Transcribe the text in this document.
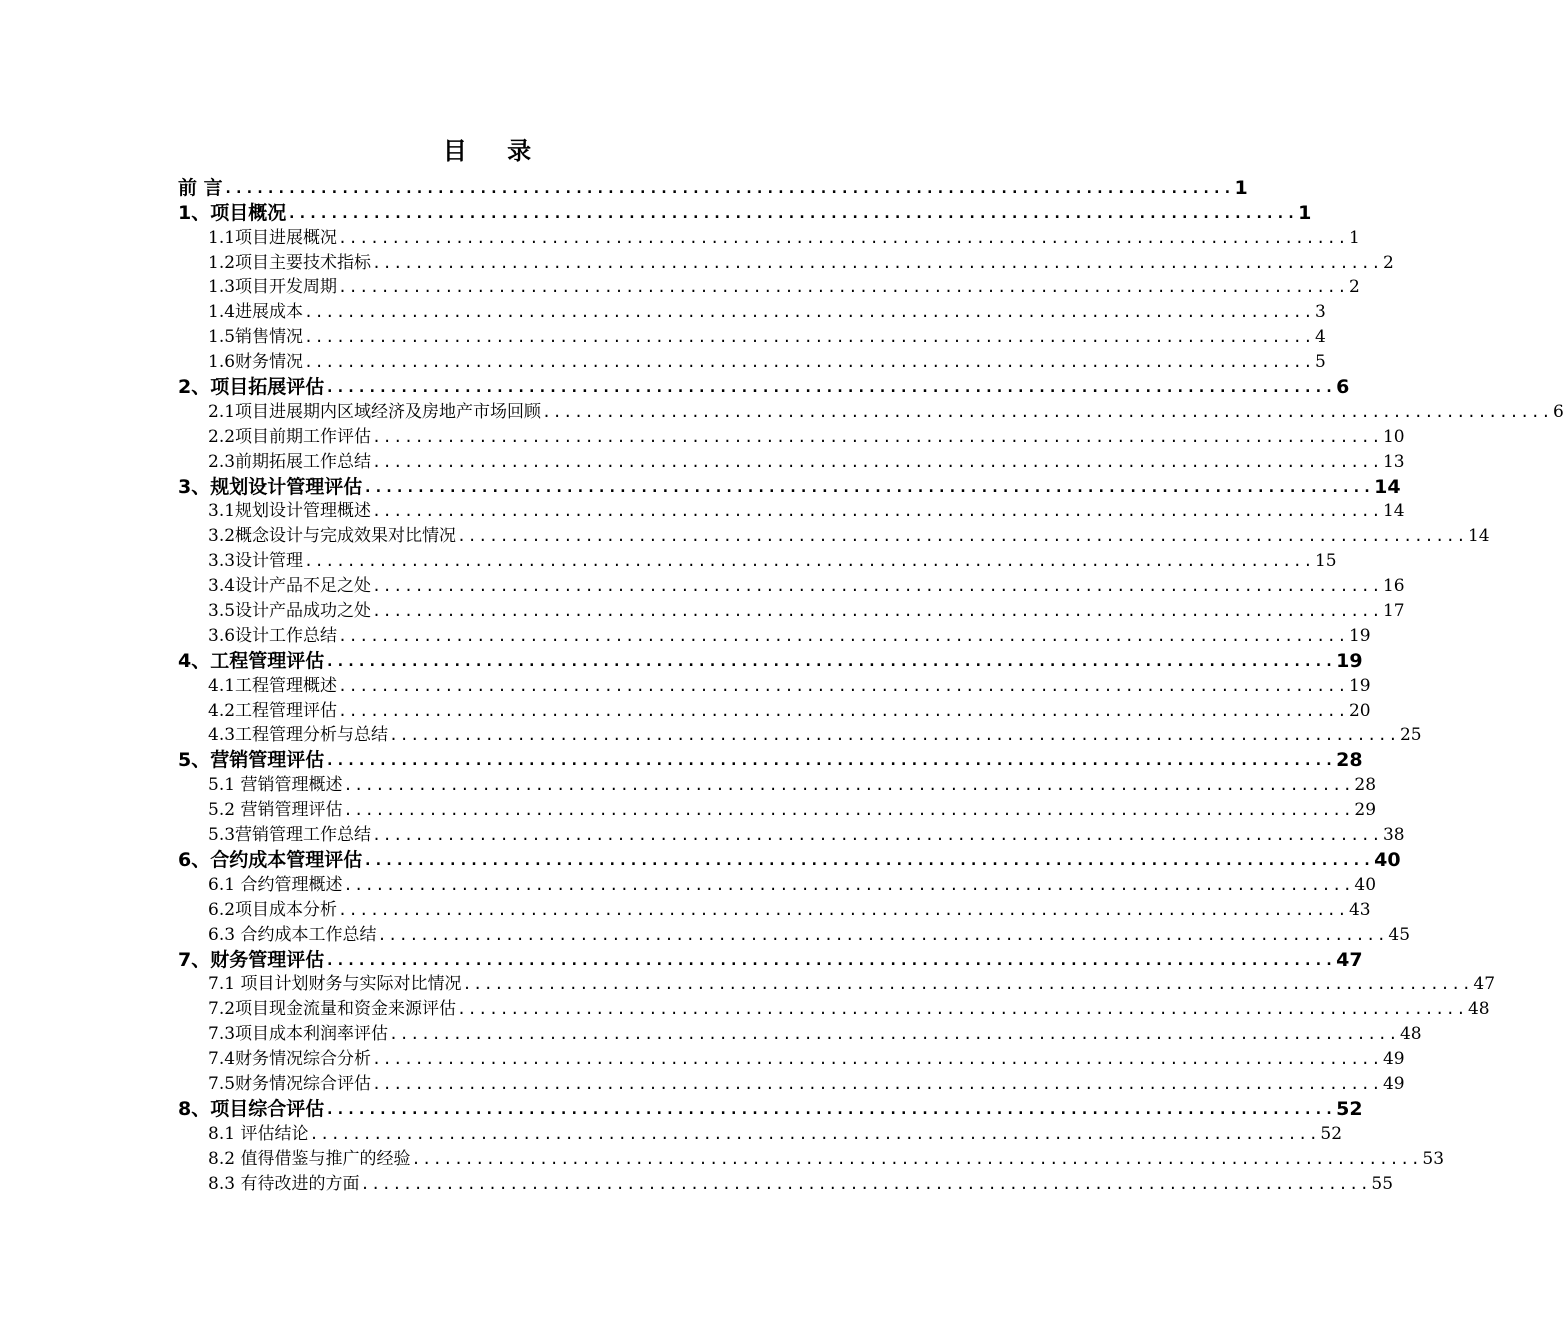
目 录
前 言 ............................................................................................... 1
1、项目概况 ............................................................................................... 1
1.1项目进展概况 ............................................................................................... 1
1.2项目主要技术指标 ............................................................................................... 2
1.3项目开发周期 ............................................................................................... 2
1.4进展成本 ............................................................................................... 3
1.5销售情况 ............................................................................................... 4
1.6财务情况 ............................................................................................... 5
2、项目拓展评估 ............................................................................................... 6
2.1项目进展期内区域经济及房地产市场回顾 ............................................................................................... 6
2.2项目前期工作评估 ............................................................................................... 10
2.3前期拓展工作总结 ............................................................................................... 13
3、规划设计管理评估 ............................................................................................... 14
3.1规划设计管理概述 ............................................................................................... 14
3.2概念设计与完成效果对比情况 ............................................................................................... 14
3.3设计管理 ............................................................................................... 15
3.4设计产品不足之处 ............................................................................................... 16
3.5设计产品成功之处 ............................................................................................... 17
3.6设计工作总结 ............................................................................................... 19
4、工程管理评估 ............................................................................................... 19
4.1工程管理概述 ............................................................................................... 19
4.2工程管理评估 ............................................................................................... 20
4.3工程管理分析与总结 ............................................................................................... 25
5、营销管理评估 ............................................................................................... 28
5.1 营销管理概述 ............................................................................................... 28
5.2 营销管理评估 ............................................................................................... 29
5.3营销管理工作总结 ............................................................................................... 38
6、合约成本管理评估 ............................................................................................... 40
6.1 合约管理概述 ............................................................................................... 40
6.2项目成本分析 ............................................................................................... 43
6.3 合约成本工作总结 ............................................................................................... 45
7、财务管理评估 ............................................................................................... 47
7.1 项目计划财务与实际对比情况 ............................................................................................... 47
7.2项目现金流量和资金来源评估 ............................................................................................... 48
7.3项目成本利润率评估 ............................................................................................... 48
7.4财务情况综合分析 ............................................................................................... 49
7.5财务情况综合评估 ............................................................................................... 49
8、项目综合评估 ............................................................................................... 52
8.1 评估结论 ............................................................................................... 52
8.2 值得借鉴与推广的经验 ............................................................................................... 53
8.3 有待改进的方面 ............................................................................................... 55
